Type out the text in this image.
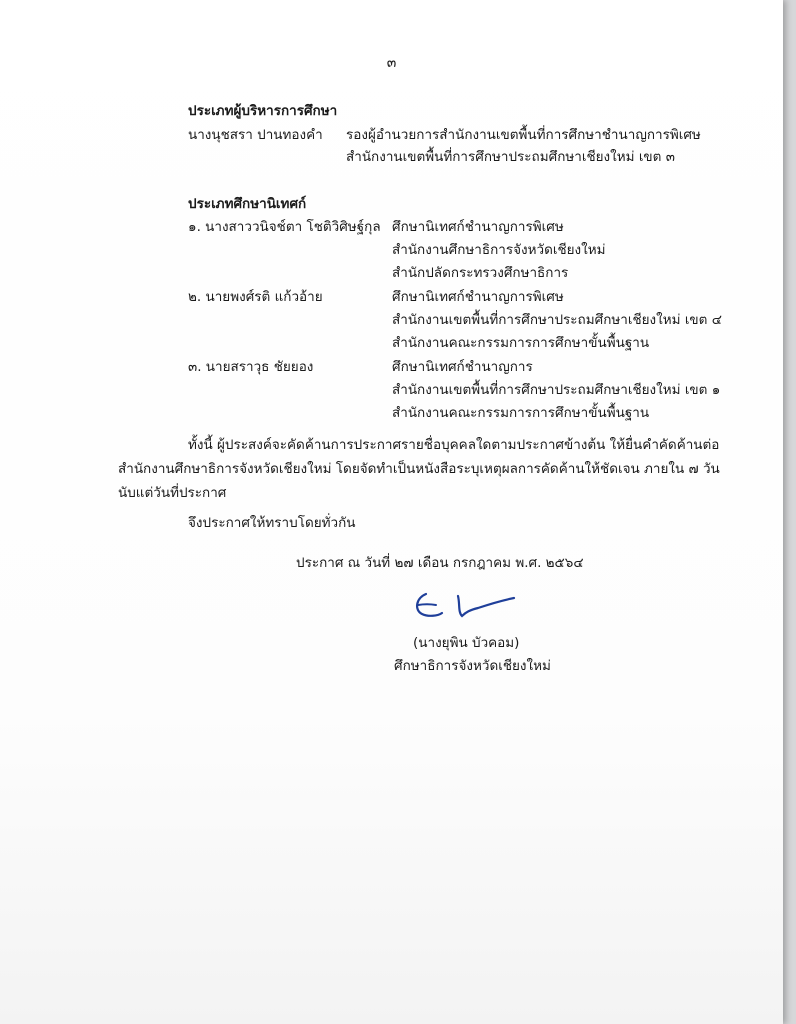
๓
ประเภทผู้บริหารการศึกษา
นางนุชสรา ปานทองคำ รองผู้อำนวยการสำนักงานเขตพื้นที่การศึกษาชำนาญการพิเศษ
สำนักงานเขตพื้นที่การศึกษาประถมศึกษาเชียงใหม่ เขต ๓
ประเภทศึกษานิเทศก์
๑. นางสาววนิจช์ตา โชติวิศิษฐ์กุล ศึกษานิเทศก์ชำนาญการพิเศษ
สำนักงานศึกษาธิการจังหวัดเชียงใหม่
สำนักปลัดกระทรวงศึกษาธิการ
๒. นายพงศ์รติ แก้วอ้าย	ศึกษานิเทศก์ชำนาญการพิเศษ
สำนักงานเขตพื้นที่การศึกษาประถมศึกษาเชียงใหม่ เขต ๔
สำนักงานคณะกรรมการการศึกษาขั้นพื้นฐาน
๓. นายสราวุธ ชัยยอง	ศึกษานิเทศก์ชำนาญการ
สำนักงานเขตพื้นที่การศึกษาประถมศึกษาเชียงใหม่ เขต ๑
สำนักงานคณะกรรมการการศึกษาขั้นพื้นฐาน
ทั้งนี้ ผู้ประสงค์จะคัดค้านการประกาศรายชื่อบุคคลใดตามประกาศข้างต้น ให้ยื่นคำคัดค้านต่อ
สำนักงานศึกษาธิการจังหวัดเชียงใหม่ โดยจัดทำเป็นหนังสือระบุเหตุผลการคัดค้านให้ชัดเจน ภายใน ๗ วัน
นับแต่วันที่ประกาศ
จึงประกาศให้ทราบโดยทั่วกัน
ประกาศ ณ วันที่ ๒๗ เดือน กรกฎาคม พ.ศ. ๒๕๖๔
(นางยุพิน บัวคอม)
ศึกษาธิการจังหวัดเชียงใหม่
